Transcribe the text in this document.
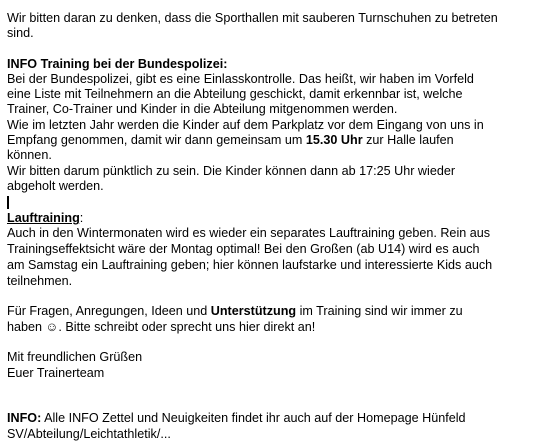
Wir bitten daran zu denken, dass die Sporthallen mit sauberen Turnschuhen zu betreten
sind.
INFO Training bei der Bundespolizei:
Bei der Bundespolizei, gibt es eine Einlasskontrolle. Das heißt, wir haben im Vorfeld
eine Liste mit Teilnehmern an die Abteilung geschickt, damit erkennbar ist, welche
Trainer, Co-Trainer und Kinder in die Abteilung mitgenommen werden.
Wie im letzten Jahr werden die Kinder auf dem Parkplatz vor dem Eingang von uns in
Empfang genommen, damit wir dann gemeinsam um 15.30 Uhr zur Halle laufen
können.
Wir bitten darum pünktlich zu sein. Die Kinder können dann ab 17:25 Uhr wieder
abgeholt werden.
Lauftraining:
Auch in den Wintermonaten wird es wieder ein separates Lauftraining geben. Rein aus
Trainingseffektsicht wäre der Montag optimal! Bei den Großen (ab U14) wird es auch
am Samstag ein Lauftraining geben; hier können laufstarke und interessierte Kids auch
teilnehmen.
Für Fragen, Anregungen, Ideen und Unterstützung im Training sind wir immer zu
haben ☺. Bitte schreibt oder sprecht uns hier direkt an!
Mit freundlichen Grüßen
Euer Trainerteam
INFO: Alle INFO Zettel und Neuigkeiten findet ihr auch auf der Homepage Hünfeld
SV/Abteilung/Leichtathletik/...
